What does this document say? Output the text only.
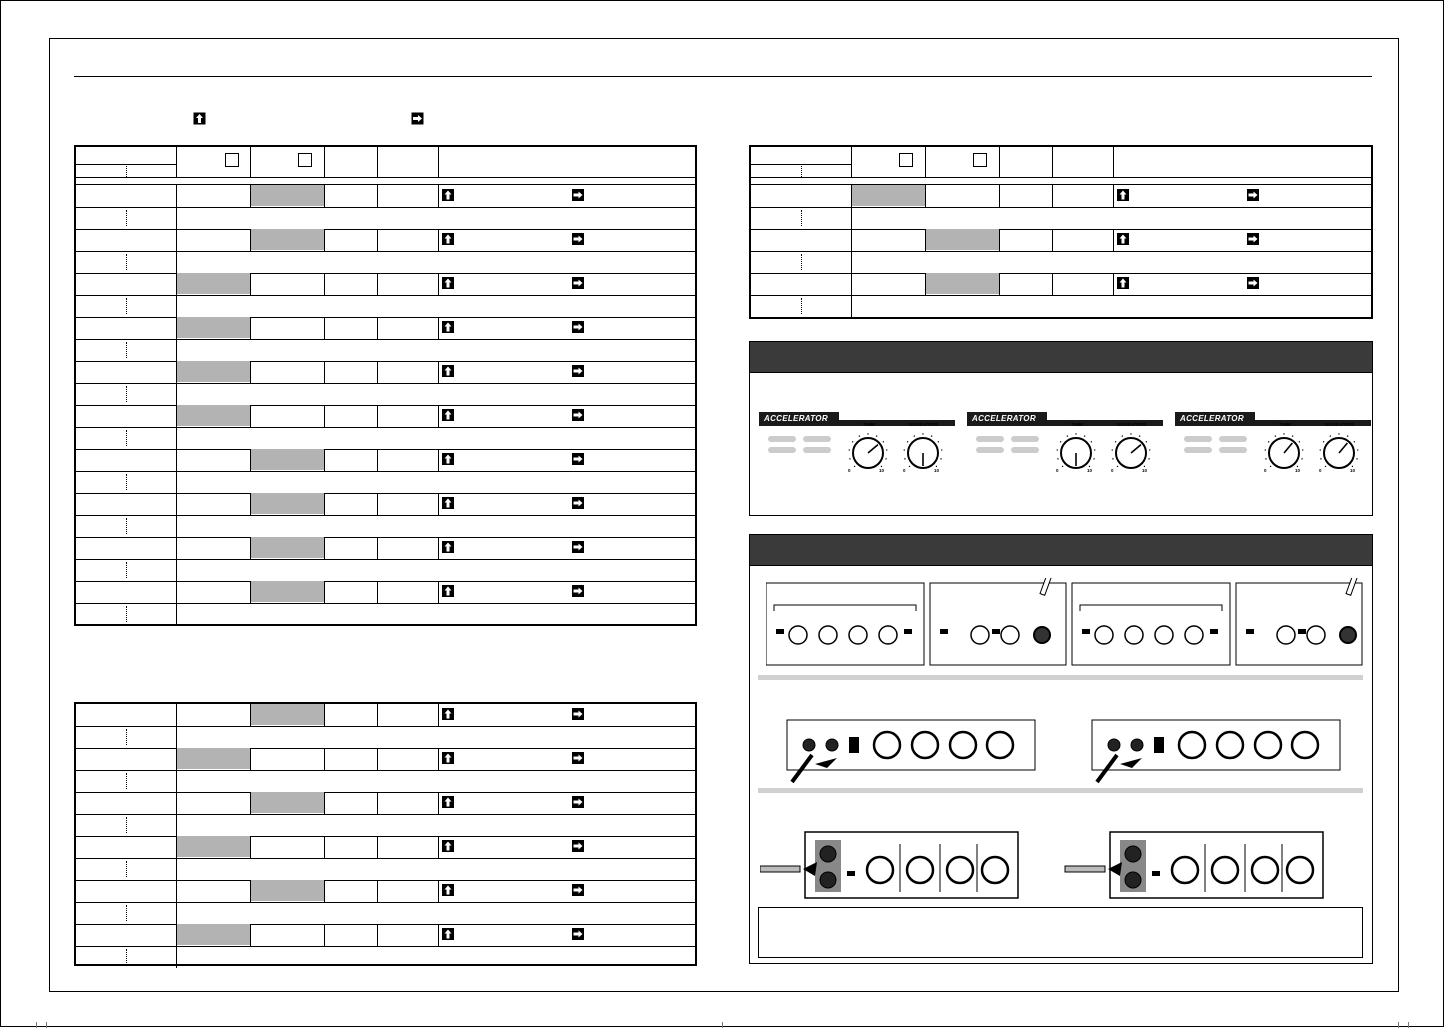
ACCELERATOR
TUBE	SOLID STATE
0	10	0	10
ACCELERATOR
TUBE	SOLID STATE
0	10	0	10
ACCELERATOR
TUBE	SOLID STATE
0	10	0	10
